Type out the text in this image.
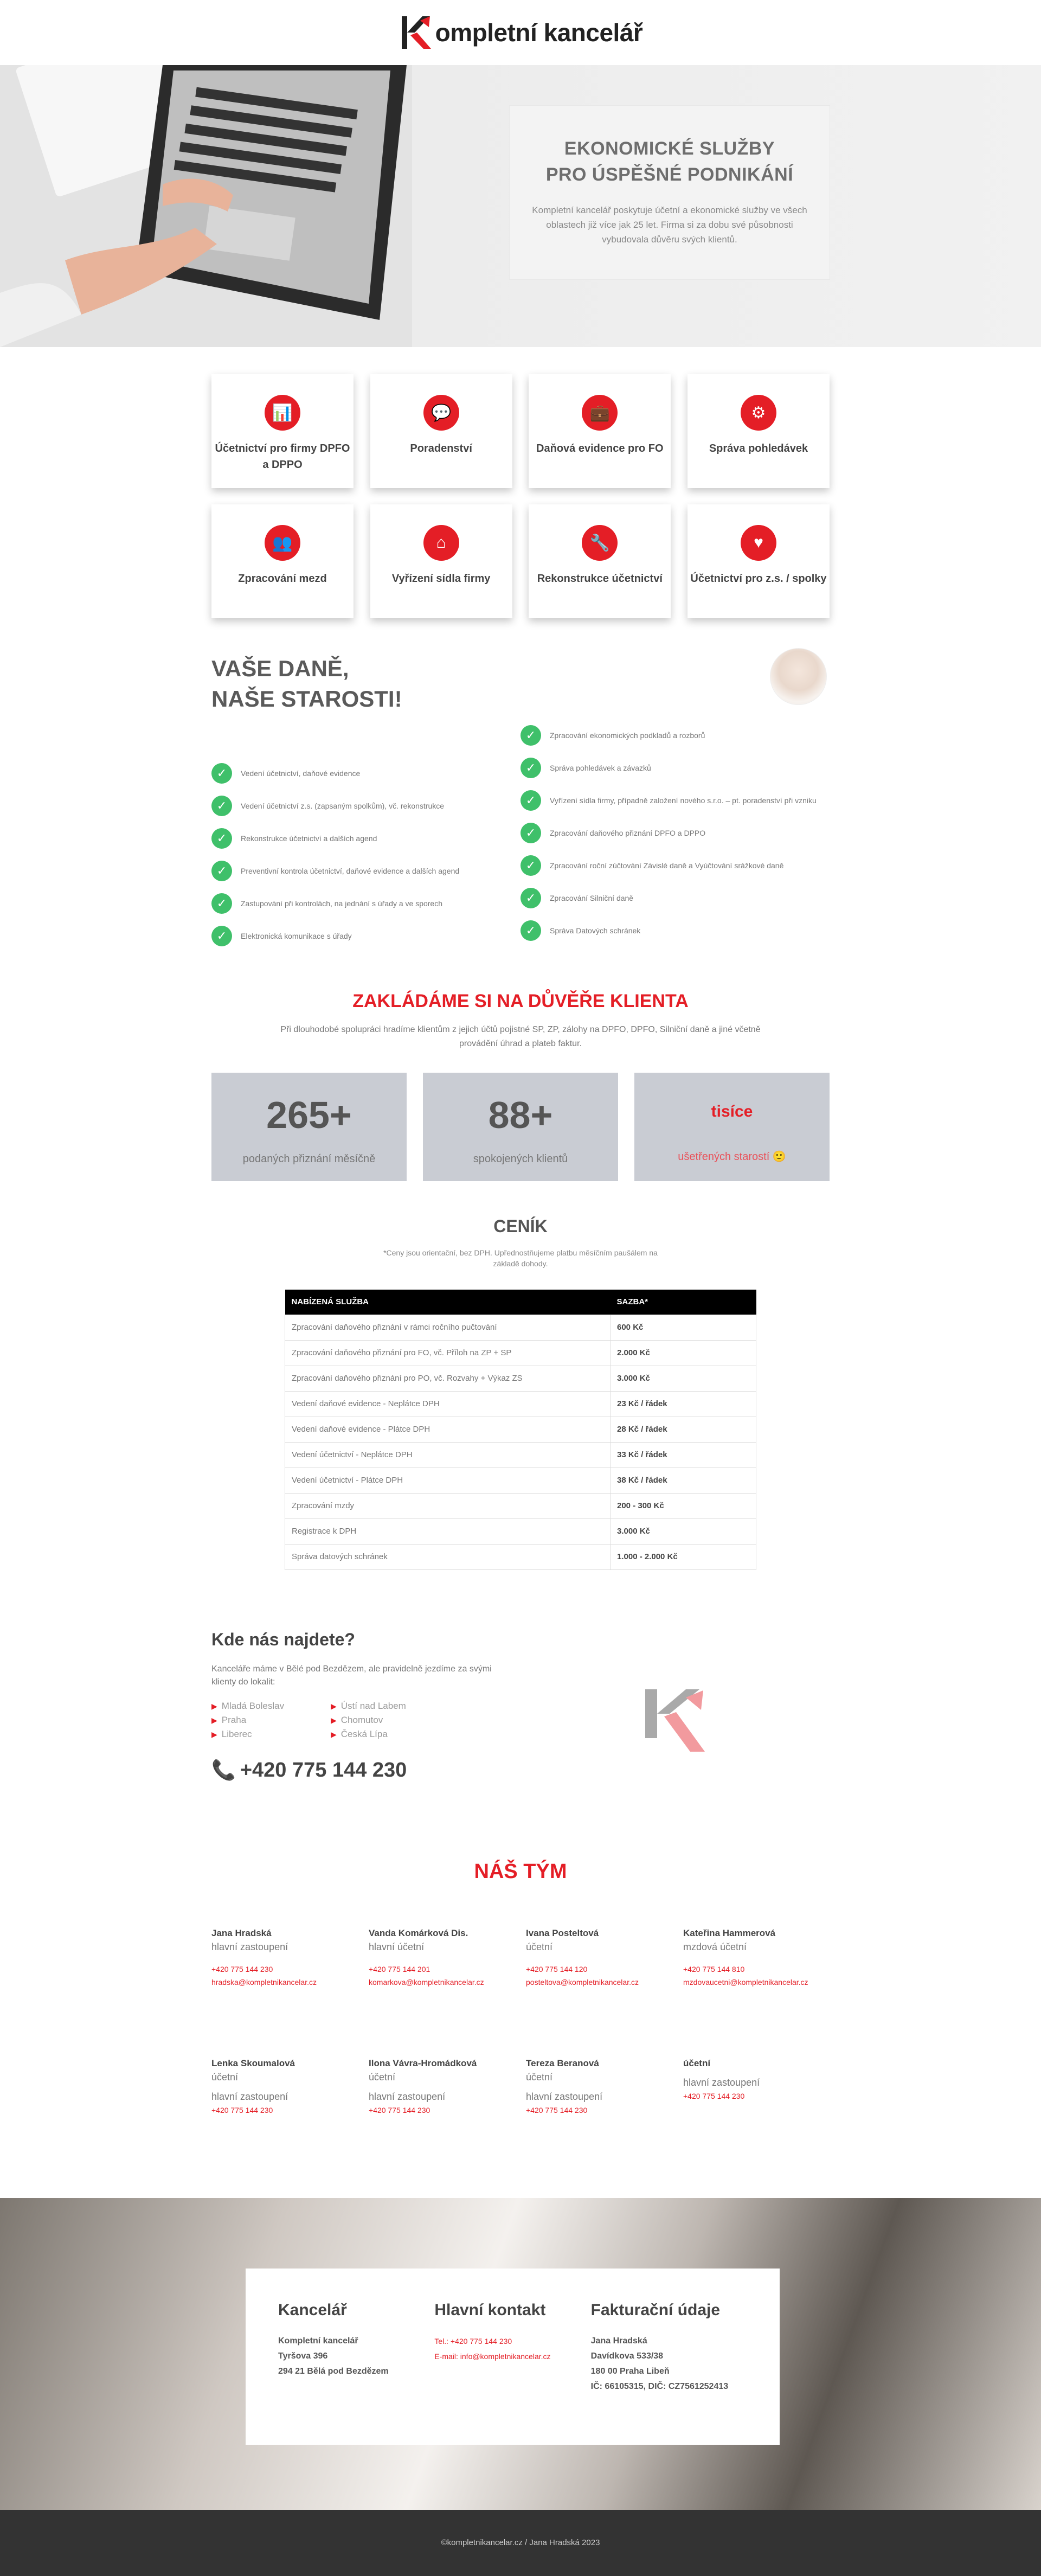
ompletní kancelář
EKONOMICKÉ SLUŽBY
PRO ÚSPĚŠNÉ PODNIKÁNÍ

Kompletní kancelář poskytuje účetní a ekonomické služby ve všech oblastech již více jak 25 let. Firma si za dobu své působnosti vybudovala důvěru svých klientů.

📊
Účetnictví pro firmy DPFO a DPPO
💬
Poradenství
💼
Daňová evidence pro FO
⚙
Správa pohledávek
👥
Zpracování mezd
⌂
Vyřízení sídla firmy
🔧
Rekonstrukce účetnictví
♥
Účetnictví pro z.s. / spolky
VAŠE DANĚ,
NAŠE STAROSTI!
✓	Vedení účetnictví, daňové evidence
✓	Vedení účetnictví z.s. (zapsaným spolkům), vč. rekonstrukce
✓	Rekonstrukce účetnictví a dalších agend
✓	Preventivní kontrola účetnictví, daňové evidence a dalších agend
✓	Zastupování při kontrolách, na jednání s úřady a ve sporech
✓	Elektronická komunikace s úřady
✓	Zpracování ekonomických podkladů a rozborů
✓	Správa pohledávek a závazků
✓	Vyřízení sídla firmy, případně založení nového s.r.o. – pt. poradenství při vzniku
✓	Zpracování daňového přiznání DPFO a DPPO
✓	Zpracování roční zúčtování Závislé daně a Vyúčtování srážkové daně
✓	Zpracování Silniční daně
✓	Správa Datových schránek
ZAKLÁDÁME SI NA DŮVĚŘE KLIENTA

Při dlouhodobé spolupráci hradíme klientům z jejich účtů pojistné SP, ZP, zálohy na DPFO, DPFO, Silniční daně a jiné včetně provádění úhrad a plateb faktur.

265+
podaných přiznání měsíčně
88+
spokojených klientů
tisíce
ušetřených starostí 🙂
CENÍK

*Ceny jsou orientační, bez DPH. Upřednostňujeme platbu měsíčním paušálem na základě dohody.

NABÍZENÁ SLUŽBA	SAZBA*
Zpracování daňového přiznání v rámci ročního pučtování	600 Kč
Zpracování daňového přiznání pro FO, vč. Příloh na ZP + SP	2.000 Kč
Zpracování daňového přiznání pro PO, vč. Rozvahy + Výkaz ZS	3.000 Kč
Vedení daňové evidence - Neplátce DPH	23 Kč / řádek
Vedení daňové evidence - Plátce DPH	28 Kč / řádek
Vedení účetnictví - Neplátce DPH	33 Kč / řádek
Vedení účetnictví - Plátce DPH	38 Kč / řádek
Zpracování mzdy	200 - 300 Kč
Registrace k DPH	3.000 Kč
Správa datových schránek	1.000 - 2.000 Kč
Kde nás najdete?

Kanceláře máme v Bělé pod Bezdězem, ale pravidelně jezdíme za svými klienty do lokalit:

▶ Mladá Boleslav	▶ Ústí nad Labem
▶ Praha	▶ Chomutov
▶ Liberec	▶ Česká Lípa
📞 +420 775 144 230
NÁŠ TÝM
Jana Hradská
hlavní zastoupení
+420 775 144 230
hradska@kompletnikancelar.cz
Vanda Komárková Dis.
hlavní účetní
+420 775 144 201
komarkova@kompletnikancelar.cz
Ivana Posteltová
účetní
+420 775 144 120
posteltova@kompletnikancelar.cz
Kateřina Hammerová
mzdová účetní
+420 775 144 810
mzdovaucetni@kompletnikancelar.cz
Lenka Skoumalová
účetní
hlavní zastoupení
+420 775 144 230
Ilona Vávra-Hromádková
účetní
hlavní zastoupení
+420 775 144 230
Tereza Beranová
účetní
hlavní zastoupení
+420 775 144 230
účetní
hlavní zastoupení
+420 775 144 230
Kancelář

Kompletní kancelář

Tyršova 396

294 21 Bělá pod Bezdězem

Hlavní kontakt

Tel.: +420 775 144 230

E-mail: info@kompletnikancelar.cz

Fakturační údaje

Jana Hradská

Davídkova 533/38

180 00 Praha Libeň

IČ: 66105315, DIČ: CZ7561252413

©kompletnikancelar.cz / Jana Hradská 2023
